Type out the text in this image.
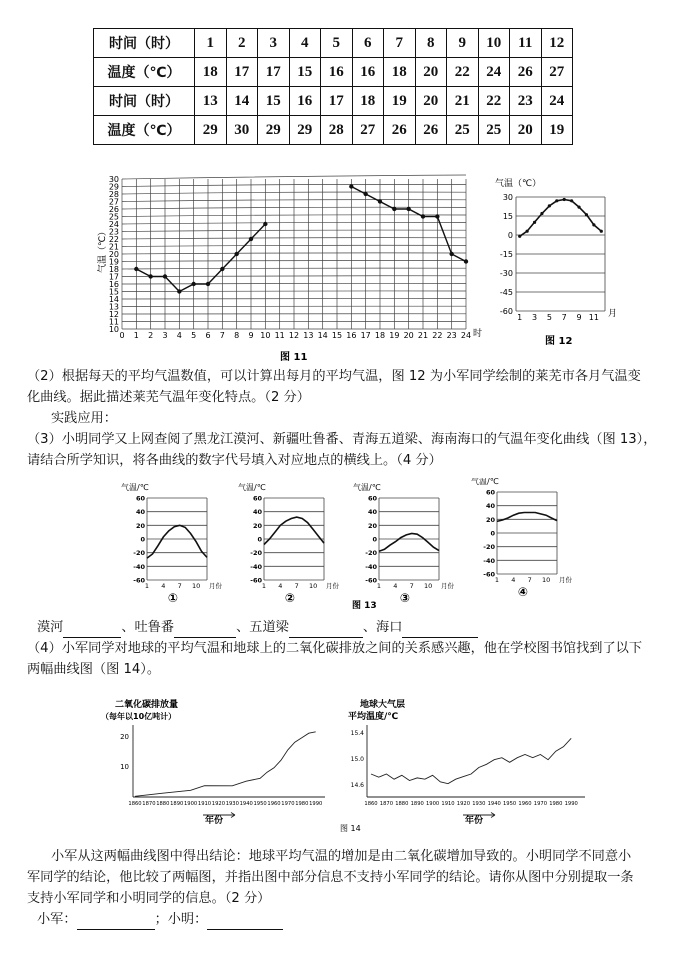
时间（时）	1	2	3	4	5	6	7	8	9	10	11	12
温度（℃）	18	17	17	15	16	16	18	20	22	24	26	27
时间（时）	13	14	15	16	17	18	19	20	21	22	23	24
温度（℃）	29	30	29	29	28	27	26	26	25	25	20	19
气温（℃）
30
29
28
27
26
25
24
23
22
21
20
19
18
17
16
15
14
13
12
11
10
0 1 2 3 4 5 6 7 8 9 10 11 12 13 14 15 16 17 18 19 20 21 22 23 24 时
图 11
气温（℃）
30
15
0
-15
-30
-45
-60
1 3 5 7 9 11 月
图 12
（2）根据每天的平均气温数值，可以计算出每月的平均气温，图 12 为小军同学绘制的莱芜市各月气温变
化曲线。据此描述莱芜气温年变化特点。（2 分）
实践应用：
（3）小明同学又上网查阅了黑龙江漠河、新疆吐鲁番、青海五道梁、海南海口的气温年变化曲线（图 13），
请结合所学知识，将各曲线的数字代号填入对应地点的横线上。（4 分）
气温/℃
60
40
20
0
-20
-40
-60
1 4 7 10 月份
①
气温/℃
60
40
20
0
-20
-40
-60
1 4 7 10 月份
②
气温/℃
60
40
20
0
-20
-40
-60
1 4 7 10 月份
③
气温/℃
60
40
20
0
-20
-40
-60
1 4 7 10 月份
④
图 13
漠河	、吐鲁番	、五道梁	、海口
（4）小军同学对地球的平均气温和地球上的二氧化碳排放之间的关系感兴趣，他在学校图书馆找到了以下
两幅曲线图（图 14）。
二氧化碳排放量
（每年以10亿吨计）
20
10
1860 1870 1880 1890 1900 1910 1920 1930 1940 1950 1960 1970 1980 1990
年份
地球大气层
平均温度/℃
15.4
15.0
14.6
1860 1870 1880 1890 1900 1910 1920 1930 1940 1950 1960 1970 1980 1990
年份
图 14
小军从这两幅曲线图中得出结论：地球平均气温的增加是由二氧化碳增加导致的。小明同学不同意小
军同学的结论，他比较了两幅图，并指出图中部分信息不支持小军同学的结论。请你从图中分别提取一条
支持小军同学和小明同学的信息。（2 分）
小军：	；小明：
